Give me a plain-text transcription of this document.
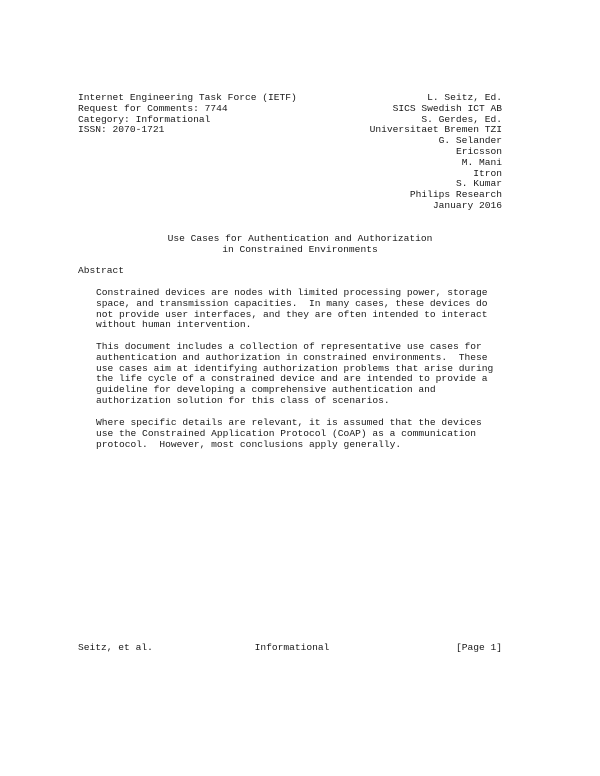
Internet Engineering Task Force (IETF)
Request for Comments: 7744
Category: Informational
ISSN: 2070-1721
L. Seitz, Ed.
SICS Swedish ICT AB
S. Gerdes, Ed.
Universitaet Bremen TZI
G. Selander
Ericsson
M. Mani
Itron
S. Kumar
Philips Research
January 2016
Use Cases for Authentication and Authorization
in Constrained Environments
Abstract
Constrained devices are nodes with limited processing power, storage
space, and transmission capacities.  In many cases, these devices do
not provide user interfaces, and they are often intended to interact
without human intervention.
This document includes a collection of representative use cases for
authentication and authorization in constrained environments.  These
use cases aim at identifying authorization problems that arise during
the life cycle of a constrained device and are intended to provide a
guideline for developing a comprehensive authentication and
authorization solution for this class of scenarios.
Where specific details are relevant, it is assumed that the devices
use the Constrained Application Protocol (CoAP) as a communication
protocol.  However, most conclusions apply generally.
Seitz, et al.	Informational	[Page 1]
